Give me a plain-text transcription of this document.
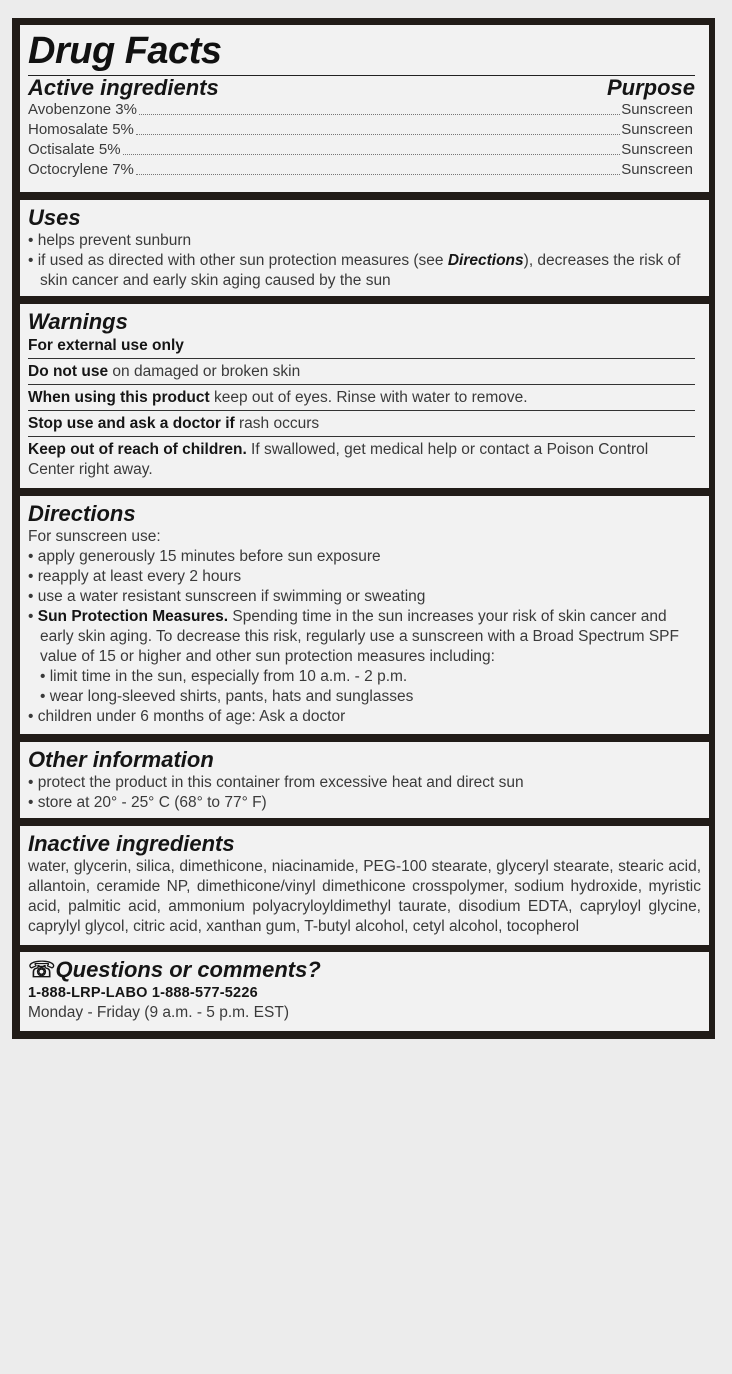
Drug Facts
Active ingredients	Purpose
Avobenzone 3%	Sunscreen
Homosalate 5%	Sunscreen
Octisalate 5%	Sunscreen
Octocrylene 7%	Sunscreen
Uses
• helps prevent sunburn
• if used as directed with other sun protection measures (see Directions), decreases the risk of skin cancer and early skin aging caused by the sun
Warnings
For external use only
Do not use on damaged or broken skin
When using this product keep out of eyes. Rinse with water to remove.
Stop use and ask a doctor if rash occurs
Keep out of reach of children. If swallowed, get medical help or contact a Poison Control Center right away.
Directions
For sunscreen use:
• apply generously 15 minutes before sun exposure
• reapply at least every 2 hours
• use a water resistant sunscreen if swimming or sweating
• Sun Protection Measures. Spending time in the sun increases your risk of skin cancer and early skin aging. To decrease this risk, regularly use a sunscreen with a Broad Spectrum SPF value of 15 or higher and other sun protection measures including:
• limit time in the sun, especially from 10 a.m. - 2 p.m.
• wear long-sleeved shirts, pants, hats and sunglasses
• children under 6 months of age: Ask a doctor
Other information
• protect the product in this container from excessive heat and direct sun
• store at 20° - 25° C (68° to 77° F)
Inactive ingredients
water, glycerin, silica, dimethicone, niacinamide, PEG-100 stearate, glyceryl stearate, stearic acid, allantoin, ceramide NP, dimethicone/vinyl dimethicone crosspolymer, sodium hydroxide, myristic acid, palmitic acid, ammonium polyacryloyldimethyl taurate, disodium EDTA, capryloyl glycine, caprylyl glycol, citric acid, xanthan gum, T-butyl alcohol, cetyl alcohol, tocopherol
☏Questions or comments?
1-888-LRP-LABO 1-888-577-5226
Monday - Friday (9 a.m. - 5 p.m. EST)
